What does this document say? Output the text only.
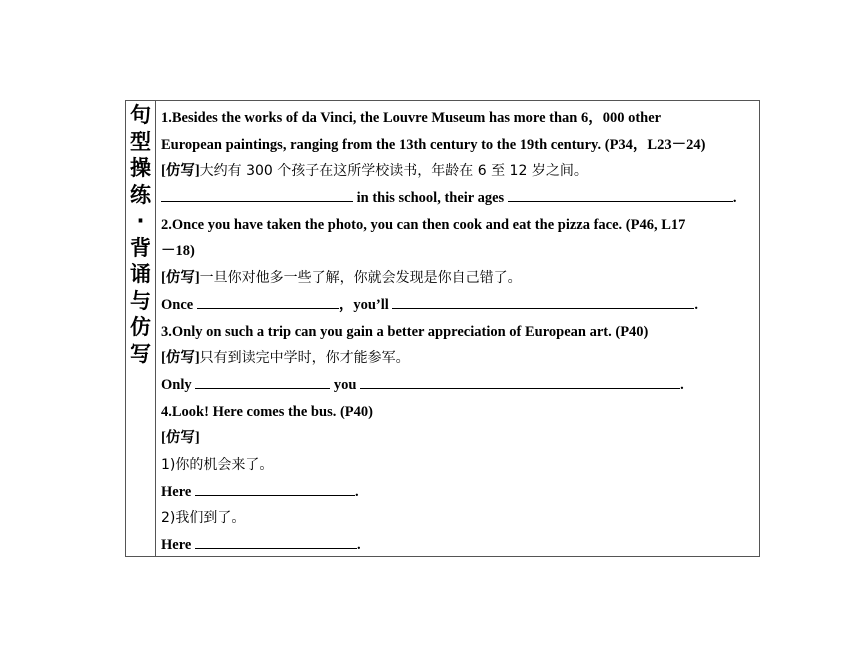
句
型
操
练
·
背
诵
与
仿
写
1.Besides the works of da Vinci, the Louvre Museum has more than 6，000 other
European paintings, ranging from the 13th century to the 19th century. (P34，L23－24)
[仿写]大约有 300 个孩子在这所学校读书，年龄在 6 至 12 岁之间。
in this school, their ages	.
2.Once you have taken the photo, you can then cook and eat the pizza face. (P46, L17
－18)
[仿写]一旦你对他多一些了解，你就会发现是你自己错了。
Once	，you’ll	.
3.Only on such a trip can you gain a better appreciation of European art. (P40)
[仿写]只有到读完中学时，你才能参军。
Only	you	.
4.Look! Here comes the bus. (P40)
[仿写]
1)你的机会来了。
Here	.
2)我们到了。
Here	.
